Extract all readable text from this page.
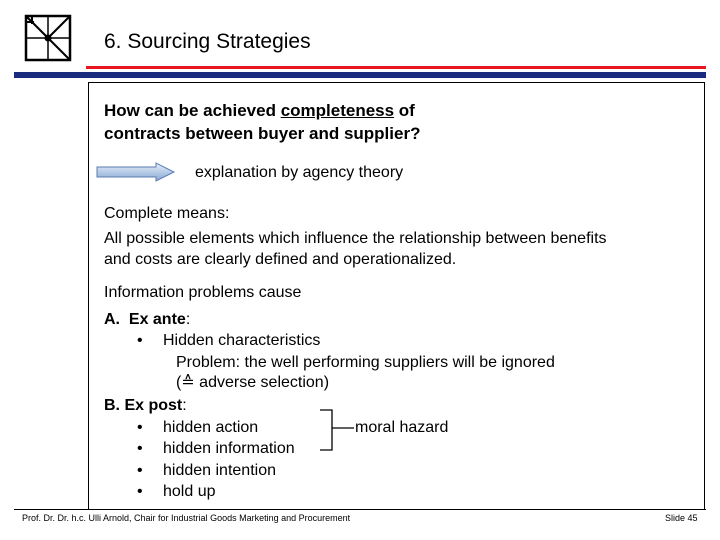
6. Sourcing Strategies
How can be achieved completeness of
contracts between buyer and supplier?
explanation by agency theory
Complete means:
All possible elements which influence the relationship between benefits
and costs are clearly defined and operationalized.
Information problems cause
A. Ex ante:
• Hidden characteristics
Problem: the well performing suppliers will be ignored
(≙ adverse selection)
B. Ex post:
• hidden action
• hidden information
• hidden intention
• hold up
moral hazard
Prof. Dr. Dr. h.c. Ulli Arnold, Chair for Industrial Goods Marketing and Procurement	Slide 45
